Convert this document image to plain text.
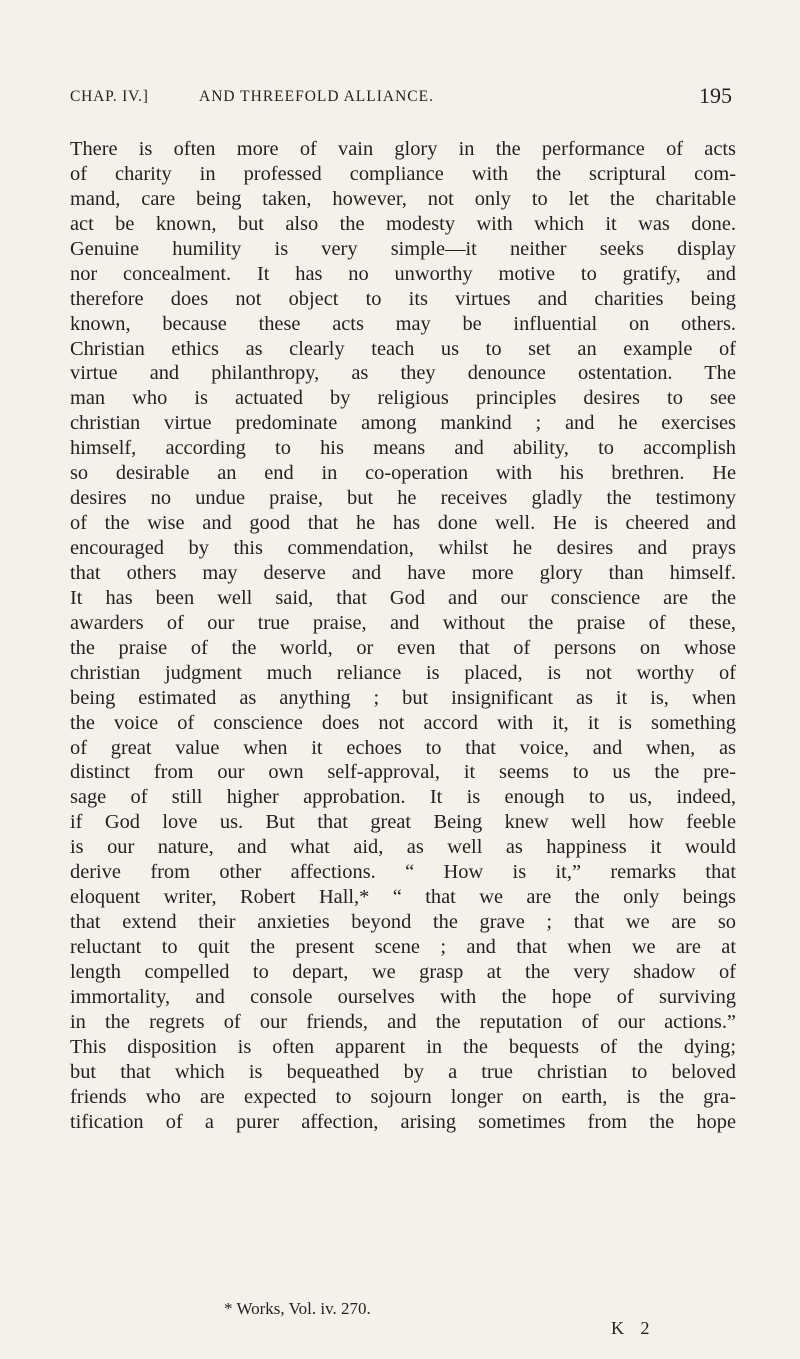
CHAP. IV.]	AND THREEFOLD ALLIANCE.	195
There is often more of vain glory in the performance of acts
of charity in professed compliance with the scriptural com-
mand, care being taken, however, not only to let the charitable
act be known, but also the modesty with which it was done.
Genuine humility is very simple—it neither seeks display
nor concealment. It has no unworthy motive to gratify, and
therefore does not object to its virtues and charities being
known, because these acts may be influential on others.
Christian ethics as clearly teach us to set an example of
virtue and philanthropy, as they denounce ostentation. The
man who is actuated by religious principles desires to see
christian virtue predominate among mankind ; and he exercises
himself, according to his means and ability, to accomplish
so desirable an end in co-operation with his brethren. He
desires no undue praise, but he receives gladly the testimony
of the wise and good that he has done well. He is cheered and
encouraged by this commendation, whilst he desires and prays
that others may deserve and have more glory than himself.
It has been well said, that God and our conscience are the
awarders of our true praise, and without the praise of these,
the praise of the world, or even that of persons on whose
christian judgment much reliance is placed, is not worthy of
being estimated as anything ; but insignificant as it is, when
the voice of conscience does not accord with it, it is something
of great value when it echoes to that voice, and when, as
distinct from our own self-approval, it seems to us the pre-
sage of still higher approbation. It is enough to us, indeed,
if God love us. But that great Being knew well how feeble
is our nature, and what aid, as well as happiness it would
derive from other affections. “ How is it,” remarks that
eloquent writer, Robert Hall,* “ that we are the only beings
that extend their anxieties beyond the grave ; that we are so
reluctant to quit the present scene ; and that when we are at
length compelled to depart, we grasp at the very shadow of
immortality, and console ourselves with the hope of surviving
in the regrets of our friends, and the reputation of our actions.”
This disposition is often apparent in the bequests of the dying;
but that which is bequeathed by a true christian to beloved
friends who are expected to sojourn longer on earth, is the gra-
tification of a purer affection, arising sometimes from the hope
* Works, Vol. iv. 270.
K 2
